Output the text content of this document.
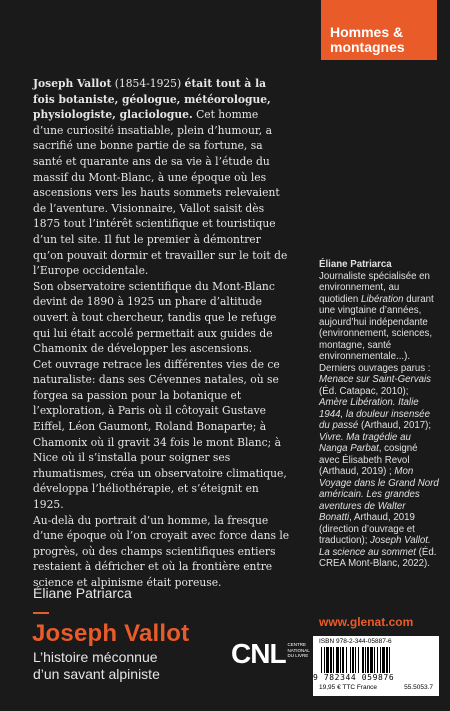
Hommes &
montagnes

Joseph Vallot (1854-1925) était tout à la fois botaniste, géologue, météorologue, physiologiste, glaciologue. Cet homme d’une curiosité insatiable, plein d’humour, a sacrifié une bonne partie de sa fortune, sa santé et quarante ans de sa vie à l’étude du massif du Mont-Blanc, à une époque où les ascensions vers les hauts sommets relevaient de l’aventure. Visionnaire, Vallot saisit dès 1875 tout l’intérêt scientifique et touristique d’un tel site. Il fut le premier à démontrer qu’on pouvait dormir et travailler sur le toit de l’Europe occidentale.

Son observatoire scientifique du Mont-Blanc devint de 1890 à 1925 un phare d’altitude ouvert à tout chercheur, tandis que le refuge qui lui était accolé permettait aux guides de Chamonix de développer les ascensions.

Cet ouvrage retrace les différentes vies de ce naturaliste: dans ses Cévennes natales, où se forgea sa passion pour la botanique et l’exploration, à Paris où il côtoyait Gustave Eiffel, Léon Gaumont, Roland Bonaparte; à Chamonix où il gravit 34 fois le mont Blanc; à Nice où il s’installa pour soigner ses rhumatismes, créa un observatoire climatique, développa l’héliothérapie, et s’éteignit en 1925.

Au-delà du portrait d’un homme, la fresque d’une époque où l’on croyait avec force dans le progrès, où des champs scientifiques entiers restaient à défricher et où la frontière entre science et alpinisme était poreuse.

Éliane Patriarca
Journaliste spécialisée en environnement, au quotidien Libération durant une vingtaine d’années, aujourd’hui indépendante (environnement, sciences, montagne, santé environnementale...). Derniers ouvrages parus : Menace sur Saint-Gervais (Éd. Catapac, 2010); Amère Libération. Italie 1944, la douleur insensée du passé (Arthaud, 2017); Vivre. Ma tragédie au Nanga Parbat, cosigné avec Élisabeth Revol (Arthaud, 2019) ; Mon Voyage dans le Grand Nord américain. Les grandes aventures de Walter Bonatti, Arthaud, 2019 (direction d’ouvrage et traduction); Joseph Vallot. La science au sommet (Éd. CREA Mont-Blanc, 2022).
Éliane Patriarca
Joseph Vallot
L’histoire méconnue
d’un savant alpiniste
CNL CENTRE NATIONAL DU LIVRE
www.glenat.com
ISBN 978-2-344-05887-6
9 782344 059876
19,95 € TTC France	55.5053.7
